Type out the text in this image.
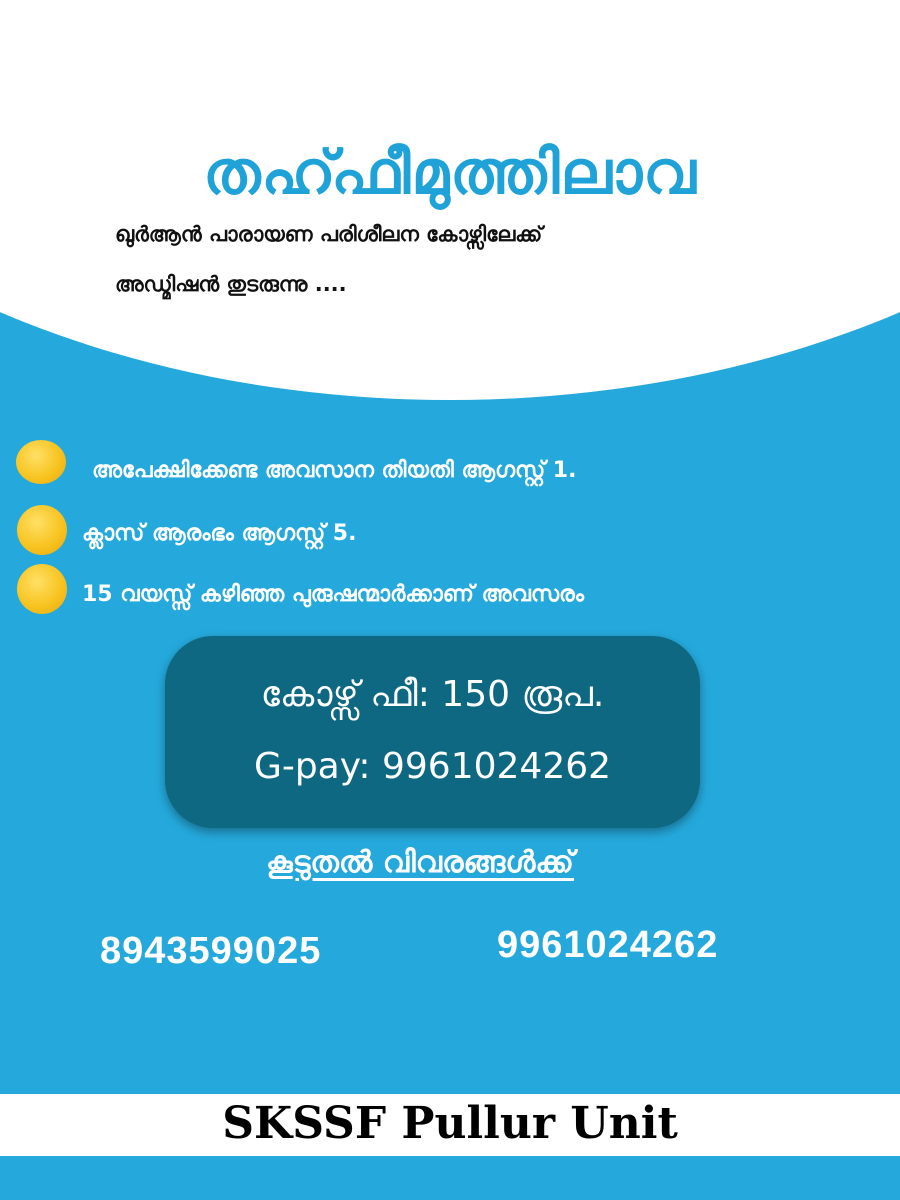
തഹ്ഫീമുത്തിലാവ
ഖുർആൻ പാരായണ പരിശീലന കോഴ്സിലേക്ക്
അഡ്മിഷൻ തുടരുന്നു ....
അപേക്ഷിക്കേണ്ട അവസാന തിയതി ആഗസ്റ്റ് 1.
ക്ലാസ് ആരംഭം ആഗസ്റ്റ് 5.
15 വയസ്സ് കഴിഞ്ഞ പുരുഷന്മാർക്കാണ് അവസരം
കോഴ്സ് ഫീ: 150 രൂപ.
G-pay: 9961024262
കൂടുതൽ വിവരങ്ങൾക്ക്
8943599025	9961024262
SKSSF Pullur Unit
